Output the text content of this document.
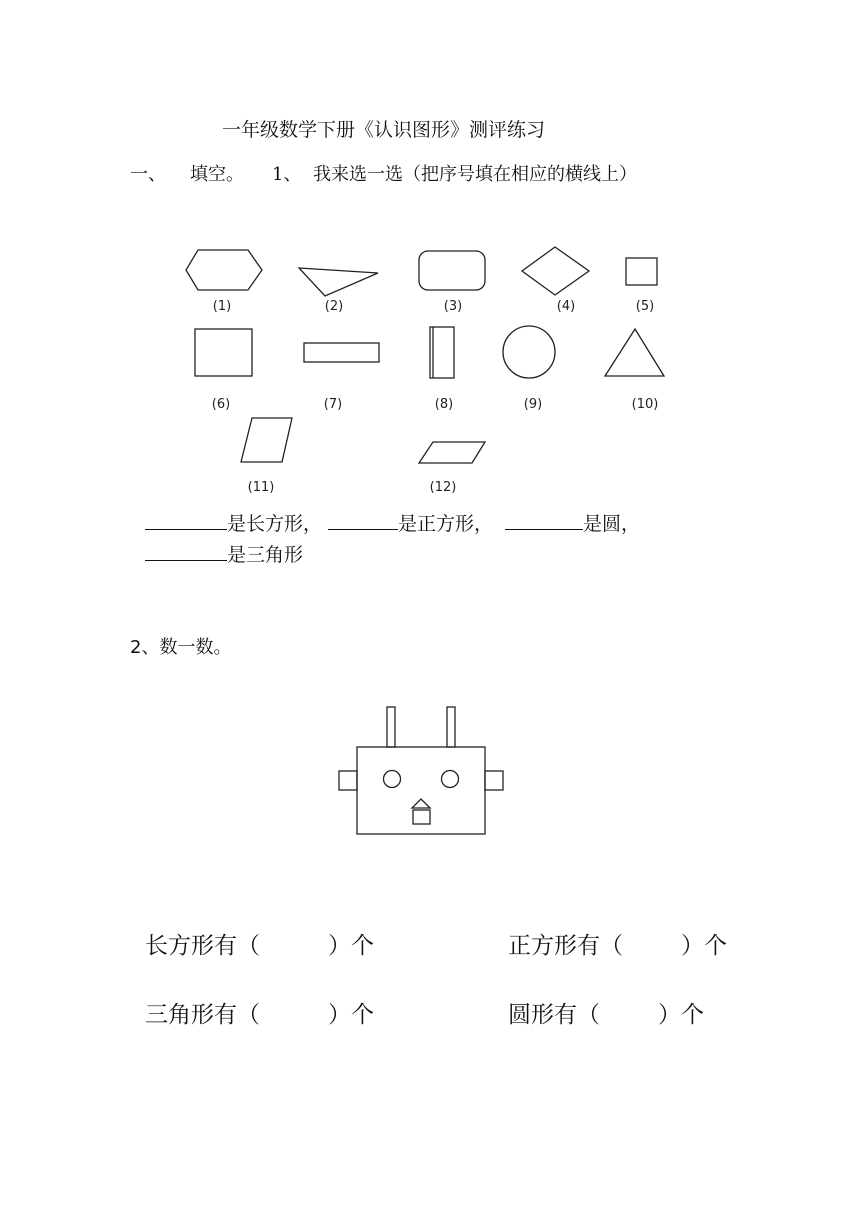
一年级数学下册《认识图形》测评练习
一、 填空。 1、 我来选一选（把序号填在相应的横线上）
(1)	(2)	(3)	(4)	(5)
(6)	(7)	(8)	(9)	(10)
(11)	(12)
是长方形，	是正方形，	是圆，
是三角形
2、数一数。
长方形有（	）个	正方形有（	）个
三角形有（	）个	圆形有（	）个
